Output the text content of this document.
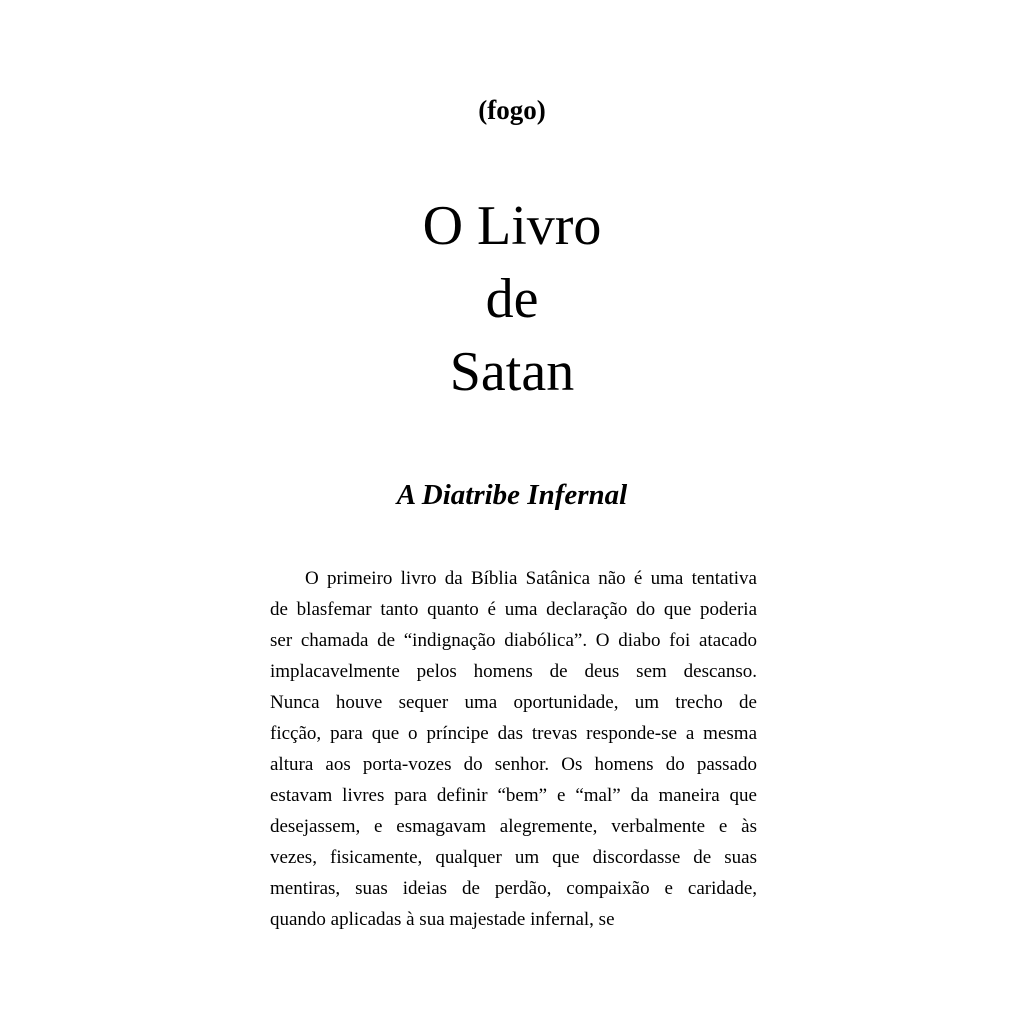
(fogo)
O Livro
de
Satan
A Diatribe Infernal
O primeiro livro da Bíblia Satânica não é uma tentativa
de blasfemar tanto quanto é uma declaração do que poderia
ser chamada de “indignação diabólica”. O diabo foi atacado
implacavelmente pelos homens de deus sem descanso.
Nunca houve sequer uma oportunidade, um trecho de
ficção, para que o príncipe das trevas responde-se a mesma
altura aos porta-vozes do senhor. Os homens do passado
estavam livres para definir “bem” e “mal” da maneira que
desejassem, e esmagavam alegremente, verbalmente e às
vezes, fisicamente, qualquer um que discordasse de suas
mentiras, suas ideias de perdão, compaixão e caridade,
quando aplicadas à sua majestade infernal, se
